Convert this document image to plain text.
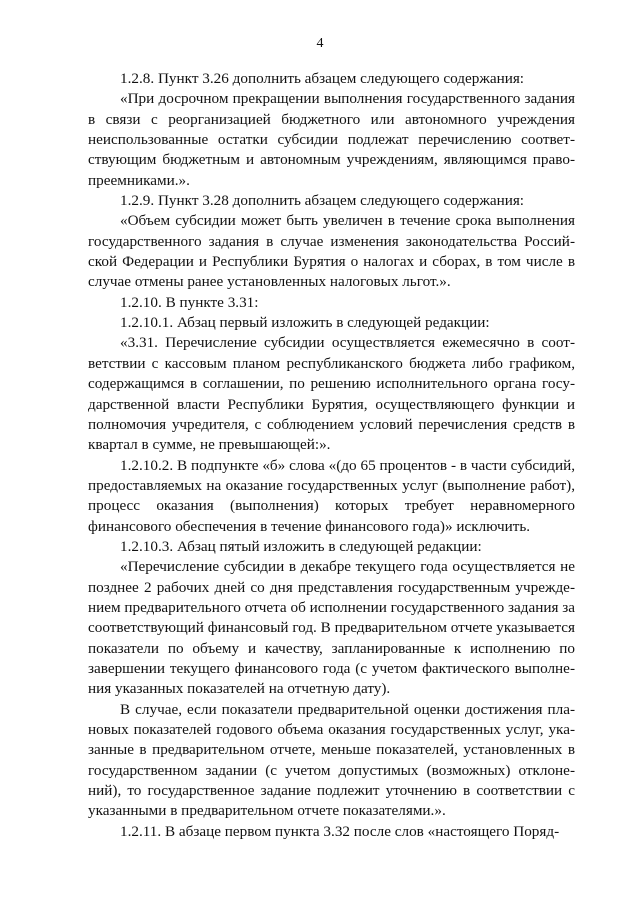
4

1.2.8. Пункт 3.26 дополнить абзацем следующего содержания:

«При досрочном прекращении выполнения государственного задания в связи с реорганизацией бюджетного или автономного учреждения неиспользованные остатки субсидии подлежат перечислению соответствующим бюджетным и автономным учреждениям, являющимся правопреемниками.».

1.2.9. Пункт 3.28 дополнить абзацем следующего содержания:

«Объем субсидии может быть увеличен в течение срока выполнения государственного задания в случае изменения законодательства Российской Федерации и Республики Бурятия о налогах и сборах, в том числе в случае отмены ранее установленных налоговых льгот.».

1.2.10. В пункте 3.31:

1.2.10.1. Абзац первый изложить в следующей редакции:

«3.31. Перечисление субсидии осуществляется ежемесячно в соответствии с кассовым планом республиканского бюджета либо графиком, содержащимся в соглашении, по решению исполнительного органа государственной власти Республики Бурятия, осуществляющего функции и полномочия учредителя, с соблюдением условий перечисления средств в квартал в сумме, не превышающей:».

1.2.10.2. В подпункте «б» слова «(до 65 процентов - в части субсидий, предоставляемых на оказание государственных услуг (выполнение работ), процесс оказания (выполнения) которых требует неравномерного финансового обеспечения в течение финансового года)» исключить.

1.2.10.3. Абзац пятый изложить в следующей редакции:

«Перечисление субсидии в декабре текущего года осуществляется не позднее 2 рабочих дней со дня представления государственным учреждением предварительного отчета об исполнении государственного задания за соответствующий финансовый год. В предварительном отчете указывается показатели по объему и качеству, запланированные к исполнению по завершении текущего финансового года (с учетом фактического выполнения указанных показателей на отчетную дату).

В случае, если показатели предварительной оценки достижения плановых показателей годового объема оказания государственных услуг, указанные в предварительном отчете, меньше показателей, установленных в государственном задании (с учетом допустимых (возможных) отклонений), то государственное задание подлежит уточнению в соответствии с указанными в предварительном отчете показателями.».

1.2.11. В абзаце первом пункта 3.32 после слов «настоящего Поряд-
